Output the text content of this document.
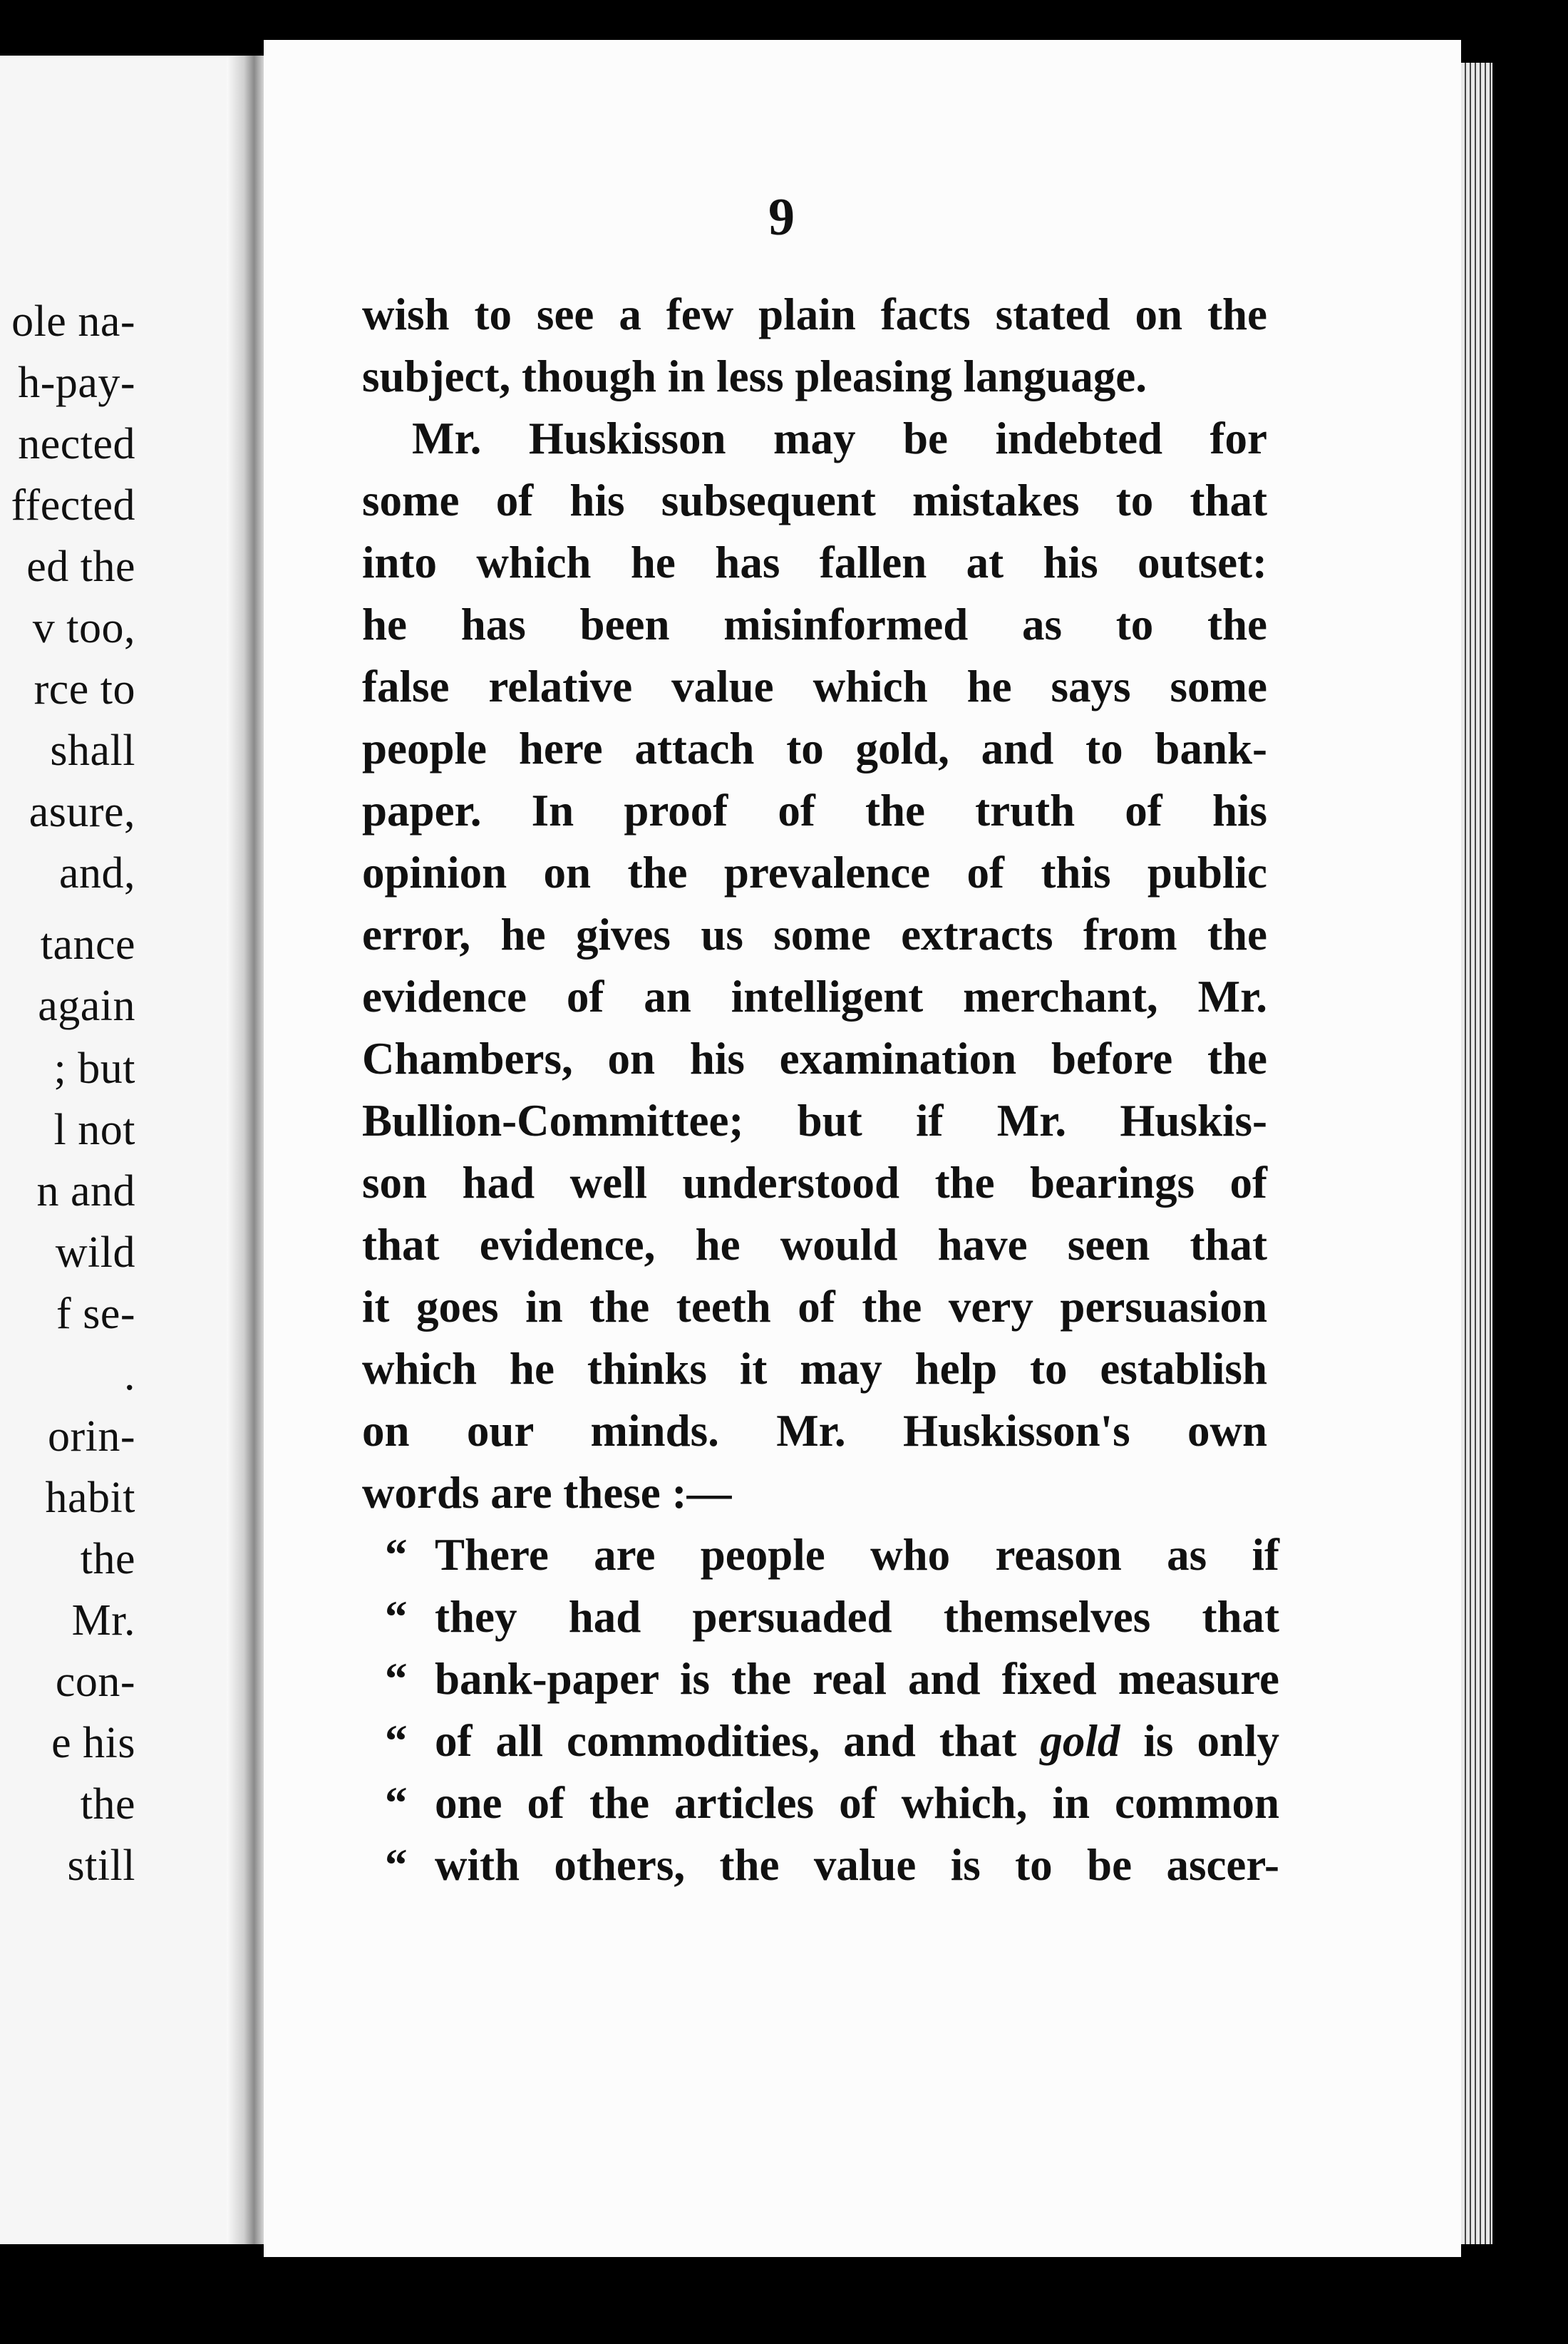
ole na-
h-pay-
nected
ffected
ed the
v too,
rce to
shall
asure,
and,
tance
again
; but
l not
n and
wild
f se-
.
orin-
habit
the
Mr.
con-
e his
the
still
9
wish to see a few plain facts stated on the
subject, though in less pleasing language.
Mr. Huskisson may be indebted for
some of his subsequent mistakes to that
into which he has fallen at his outset:
he has been misinformed as to the
false relative value which he says some
people here attach to gold, and to bank-
paper. In proof of the truth of his
opinion on the prevalence of this public
error, he gives us some extracts from the
evidence of an intelligent merchant, Mr.
Chambers, on his examination before the
Bullion-Committee; but if Mr. Huskis-
son had well understood the bearings of
that evidence, he would have seen that
it goes in the teeth of the very persuasion
which he thinks it may help to establish
on our minds. Mr. Huskisson's own
words are these :—
“ There are people who reason as if
“ they had persuaded themselves that
“ bank-paper is the real and fixed measure
“ of all commodities, and that gold is only
“ one of the articles of which, in common
“ with others, the value is to be ascer-
